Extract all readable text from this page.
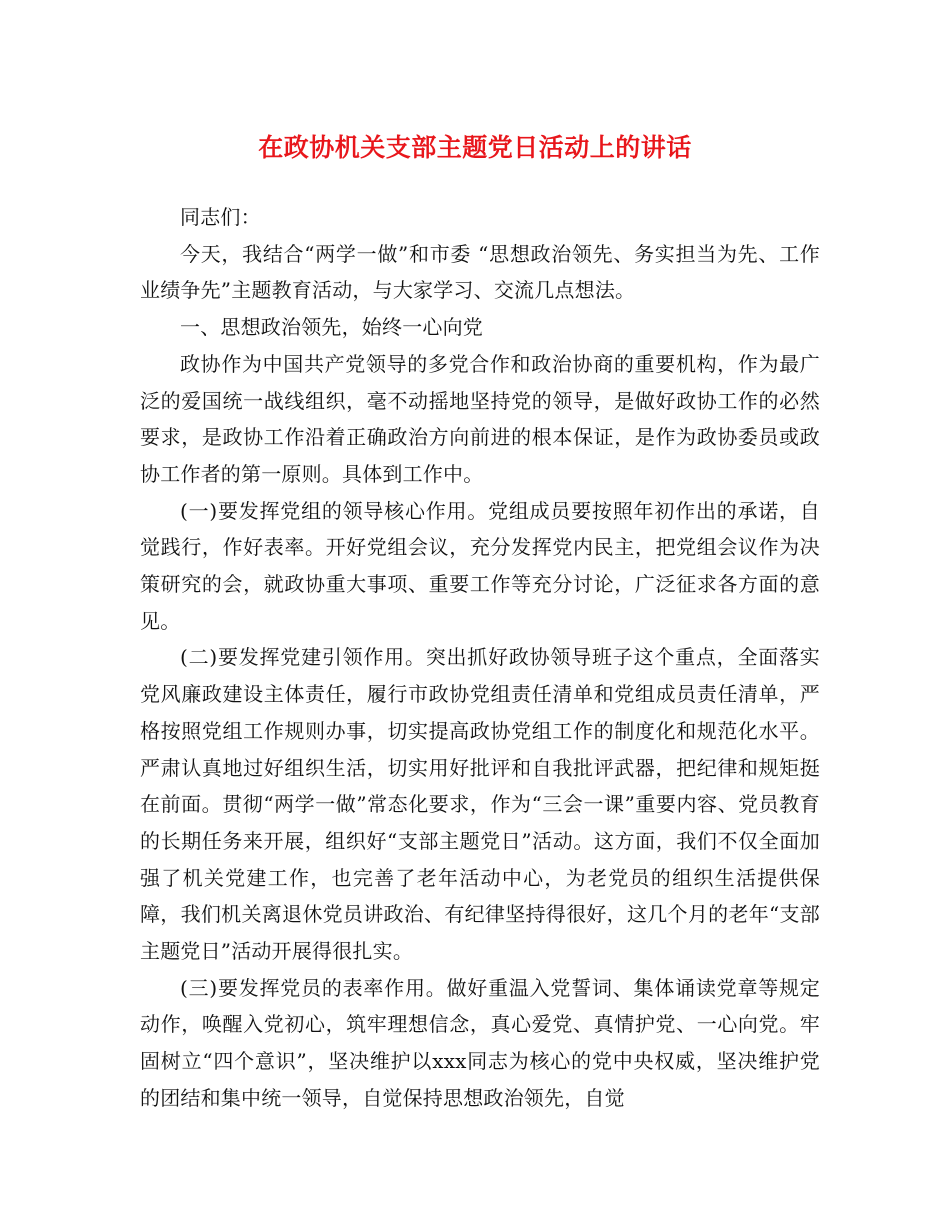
在政协机关支部主题党日活动上的讲话

同志们：

今天，我结合“两学一做”和市委 “思想政治领先、务实担当为先、工作业绩争先”主题教育活动，与大家学习、交流几点想法。

一、思想政治领先，始终一心向党

政协作为中国共产党领导的多党合作和政治协商的重要机构，作为最广泛的爱国统一战线组织，毫不动摇地坚持党的领导，是做好政协工作的必然要求，是政协工作沿着正确政治方向前进的根本保证，是作为政协委员或政协工作者的第一原则。具体到工作中。

(一)要发挥党组的领导核心作用。党组成员要按照年初作出的承诺，自觉践行，作好表率。开好党组会议，充分发挥党内民主，把党组会议作为决策研究的会，就政协重大事项、重要工作等充分讨论，广泛征求各方面的意见。

(二)要发挥党建引领作用。突出抓好政协领导班子这个重点，全面落实党风廉政建设主体责任，履行市政协党组责任清单和党组成员责任清单，严格按照党组工作规则办事，切实提高政协党组工作的制度化和规范化水平。严肃认真地过好组织生活，切实用好批评和自我批评武器，把纪律和规矩挺在前面。贯彻“两学一做”常态化要求，作为“三会一课”重要内容、党员教育的长期任务来开展，组织好“支部主题党日”活动。这方面，我们不仅全面加强了机关党建工作，也完善了老年活动中心，为老党员的组织生活提供保障，我们机关离退休党员讲政治、有纪律坚持得很好，这几个月的老年“支部主题党日”活动开展得很扎实。

(三)要发挥党员的表率作用。做好重温入党誓词、集体诵读党章等规定动作，唤醒入党初心，筑牢理想信念，真心爱党、真情护党、一心向党。牢固树立“四个意识”，坚决维护以xxx同志为核心的党中央权威，坚决维护党的团结和集中统一领导，自觉保持思想政治领先，自觉
